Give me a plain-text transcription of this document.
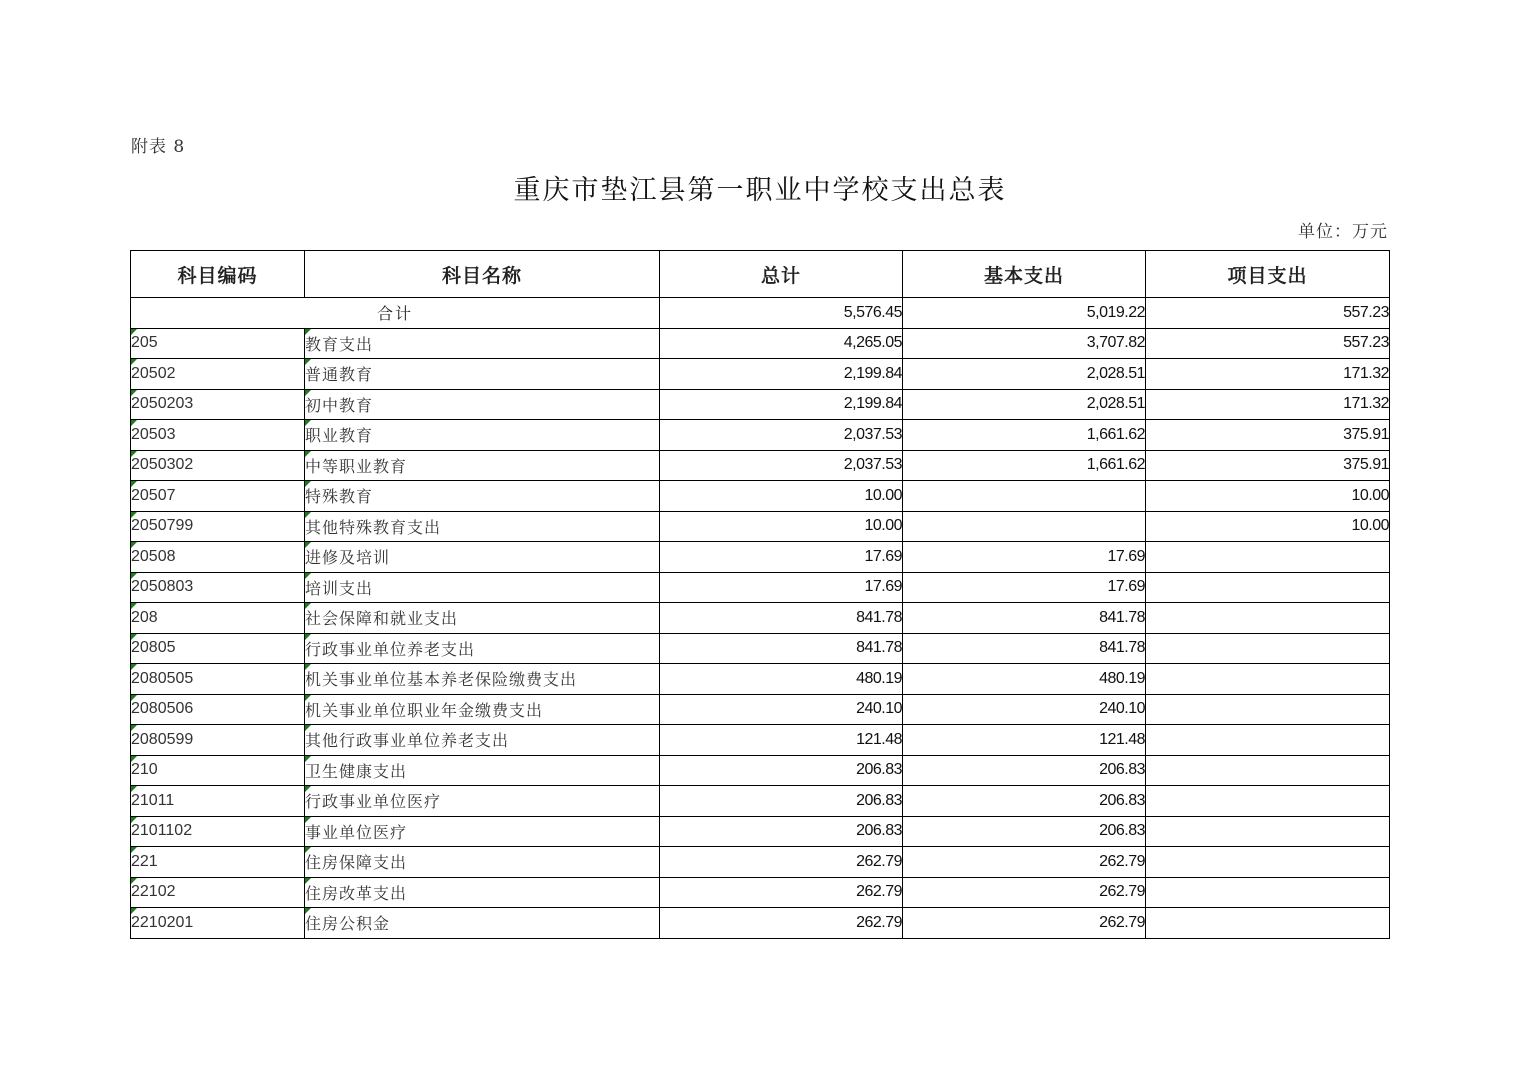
附表 8
重庆市垫江县第一职业中学校支出总表
单位：万元
科目编码	科目名称	总计	基本支出	项目支出
合计		5,576.45	5,019.22	557.23
205	教育支出	4,265.05	3,707.82	557.23
20502	普通教育	2,199.84	2,028.51	171.32
2050203	初中教育	2,199.84	2,028.51	171.32
20503	职业教育	2,037.53	1,661.62	375.91
2050302	中等职业教育	2,037.53	1,661.62	375.91
20507	特殊教育	10.00		10.00
2050799	其他特殊教育支出	10.00		10.00
20508	进修及培训	17.69	17.69	
2050803	培训支出	17.69	17.69	
208	社会保障和就业支出	841.78	841.78	
20805	行政事业单位养老支出	841.78	841.78	
2080505	机关事业单位基本养老保险缴费支出	480.19	480.19	
2080506	机关事业单位职业年金缴费支出	240.10	240.10	
2080599	其他行政事业单位养老支出	121.48	121.48	
210	卫生健康支出	206.83	206.83	
21011	行政事业单位医疗	206.83	206.83	
2101102	事业单位医疗	206.83	206.83	
221	住房保障支出	262.79	262.79	
22102	住房改革支出	262.79	262.79	
2210201	住房公积金	262.79	262.79	
